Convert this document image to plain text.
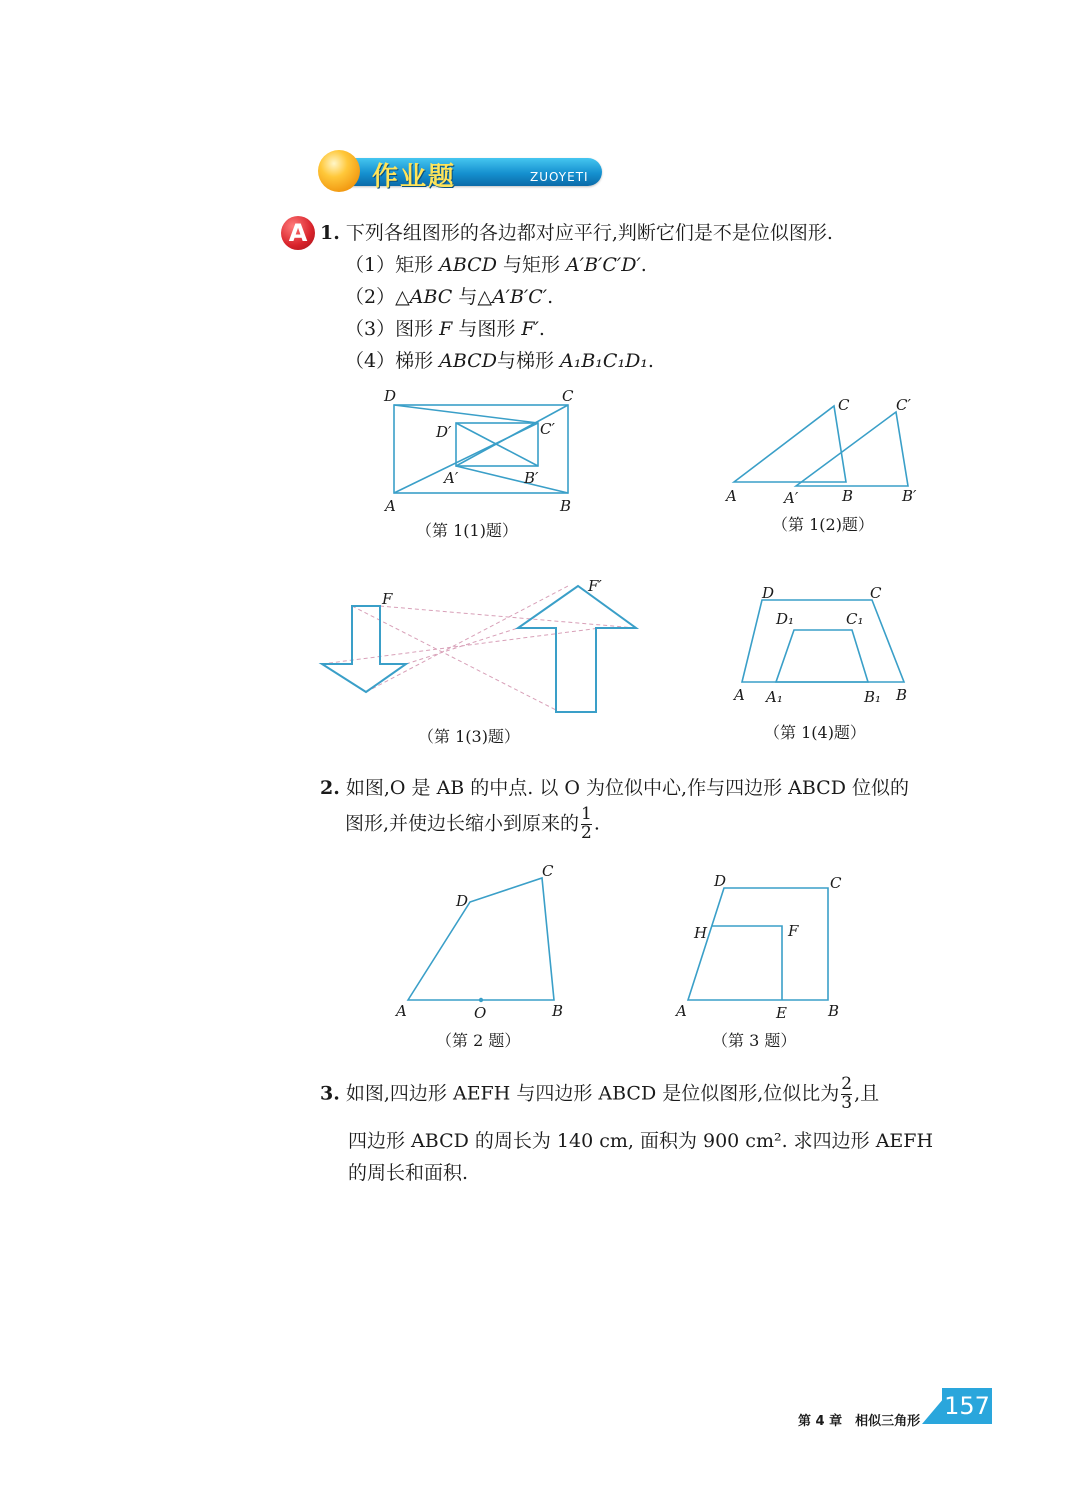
作业题	ZUOYETI
A 1. 下列各组图形的各边都对应平行,判断它们是不是位似图形.
（1）矩形 ABCD 与矩形 A′B′C′D′.
（2）△ABC 与△A′B′C′.
（3）图形 F 与图形 F′.
（4）梯形 ABCD与梯形 A₁B₁C₁D₁.
D	C
D′	C′
A′	B′
A	B
（第 1(1)题）
A	A′	B	B′
C	C′
（第 1(2)题）
F
F′
（第 1(3)题）
D	C
D₁	C₁
A A₁	B₁ B
（第 1(4)题）
2. 如图,O 是 AB 的中点. 以 O 为位似中心,作与四边形 ABCD 位似的
图形,并使边长缩小到原来的 $\frac{1}{2}$ .
C
D
A	O	B
（第 2 题）
D	C
H	F
A	E	B
（第 3 题）
3. 如图,四边形 AEFH 与四边形 ABCD 是位似图形,位似比为 $\frac{2}{3}$ ,且
四边形 ABCD 的周长为 140 cm, 面积为 900 cm². 求四边形 AEFH
的周长和面积.
第 4 章　相似三角形
157
